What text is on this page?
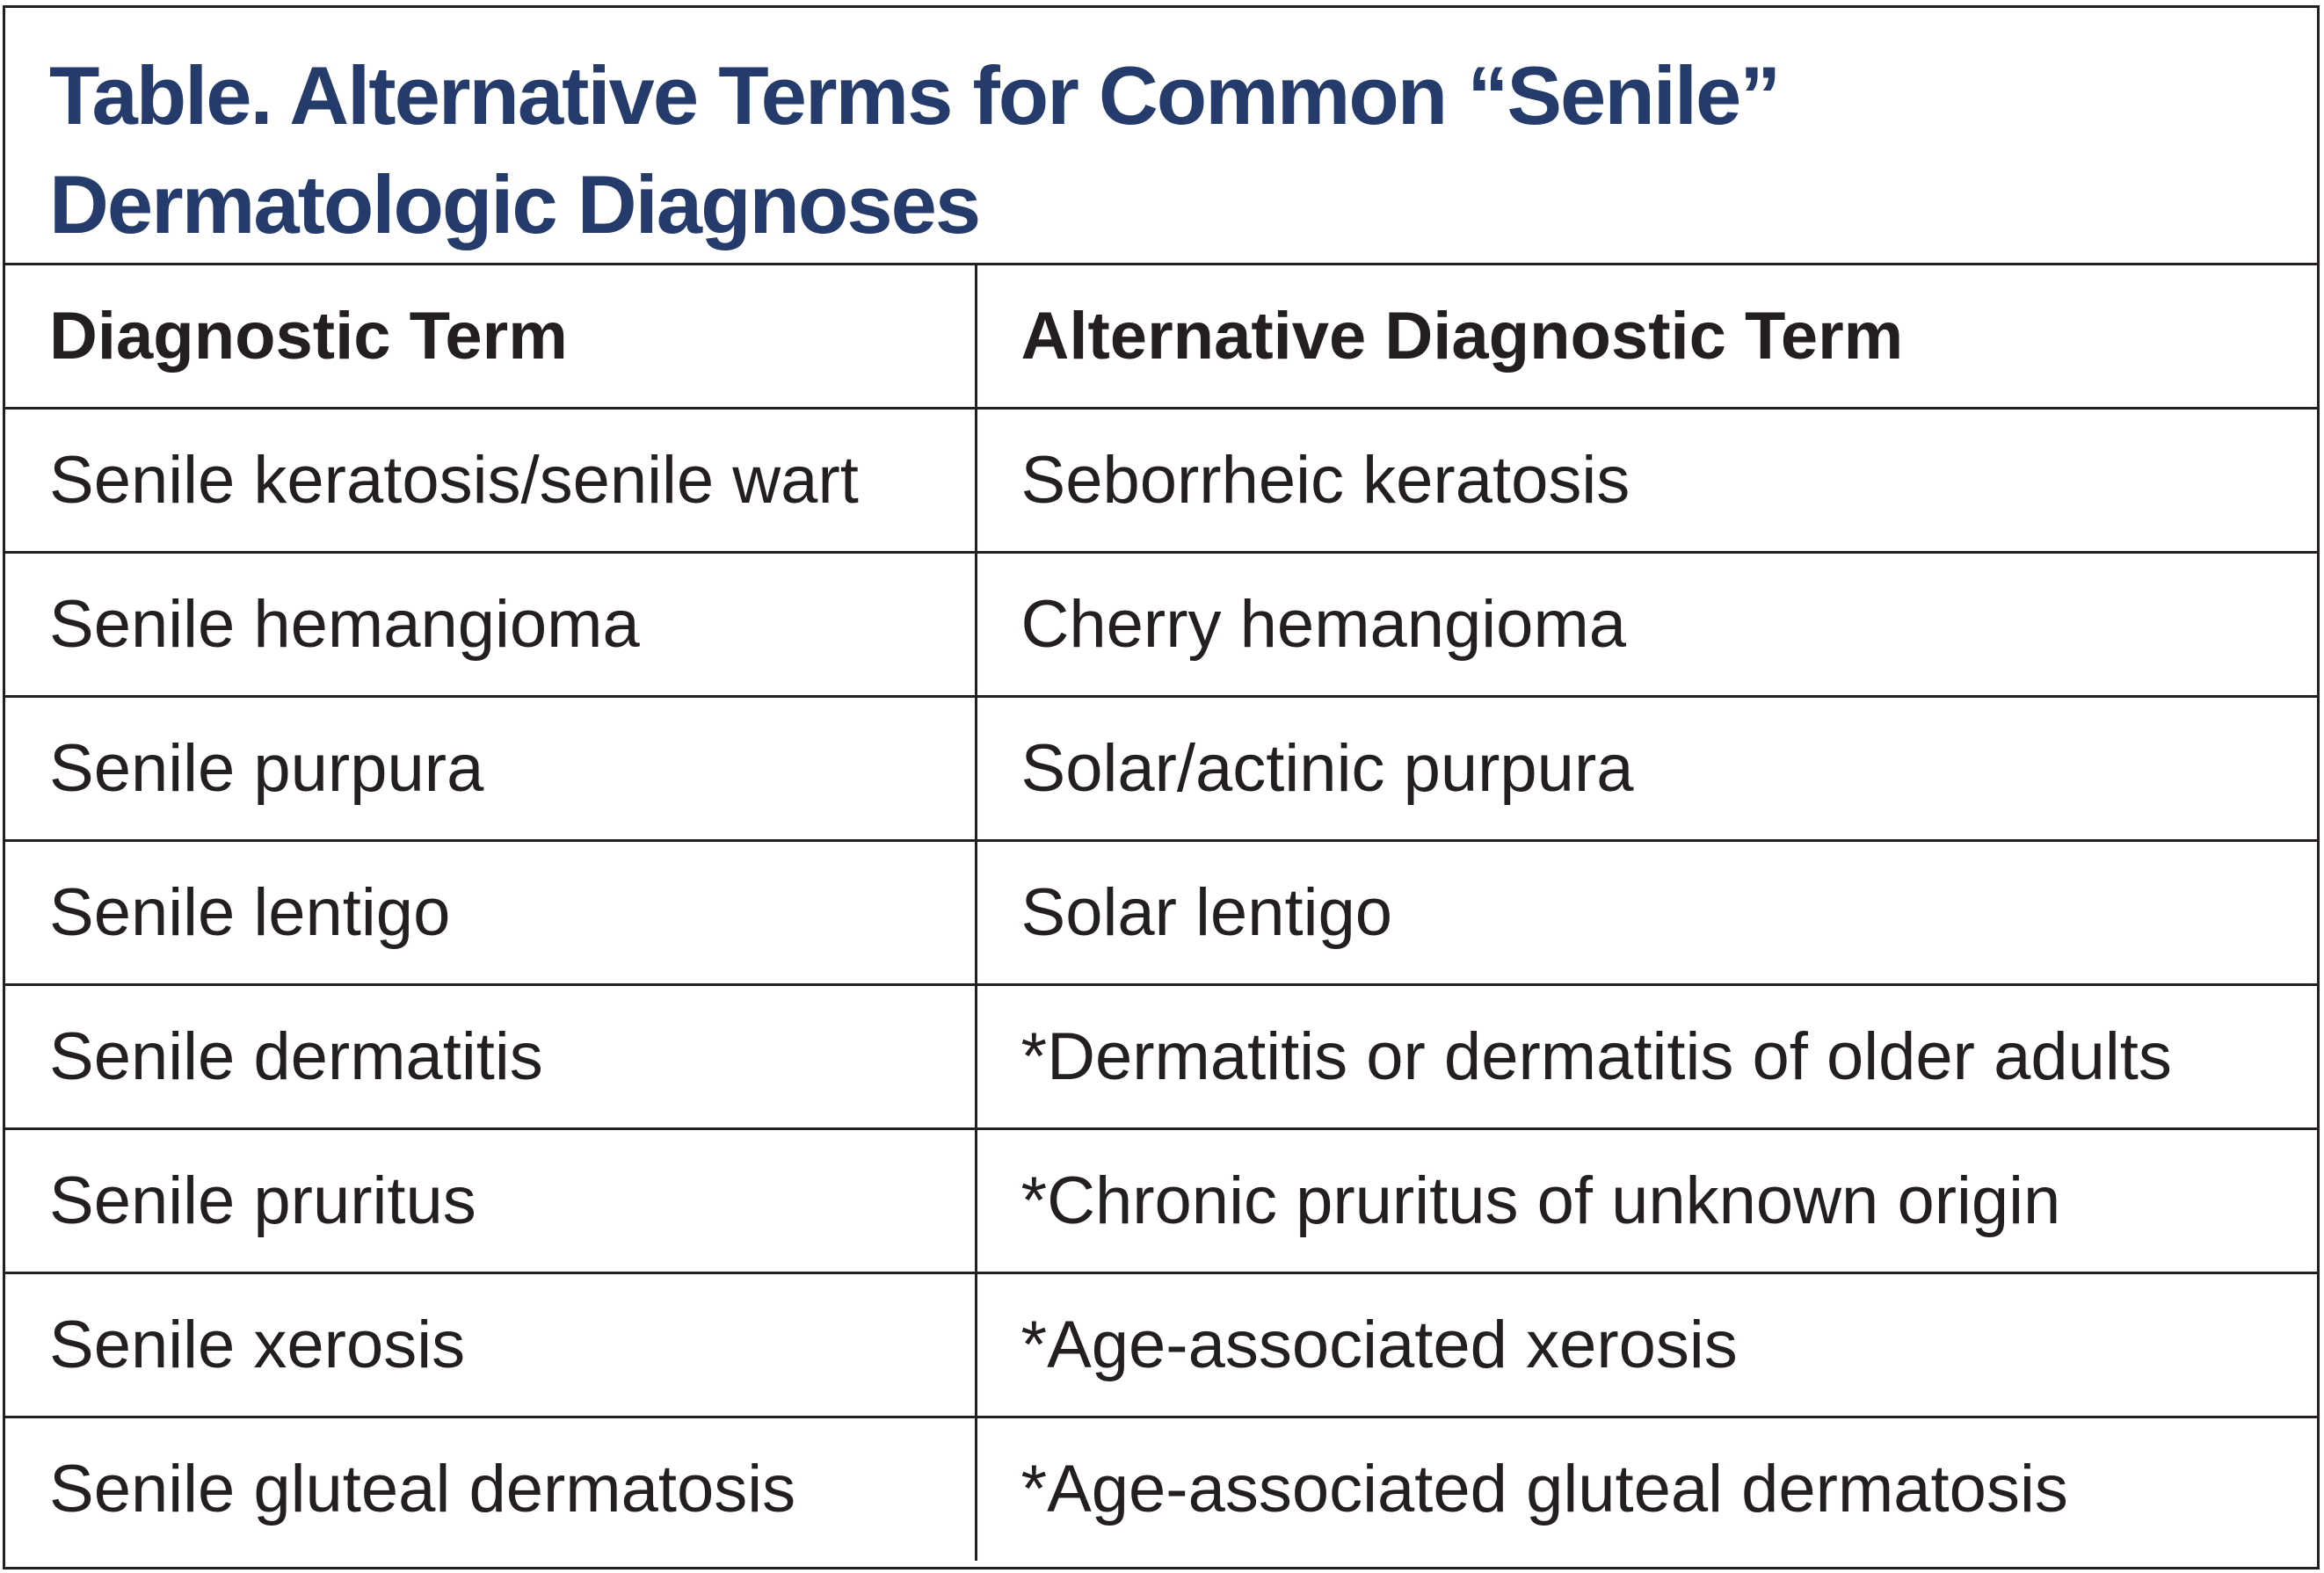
Table. Alternative Terms for Common “Senile”
Dermatologic Diagnoses
Diagnostic Term	Alternative Diagnostic Term
Senile keratosis/senile wart	Seborrheic keratosis
Senile hemangioma	Cherry hemangioma
Senile purpura	Solar/actinic purpura
Senile lentigo	Solar lentigo
Senile dermatitis	*Dermatitis or dermatitis of older adults
Senile pruritus	*Chronic pruritus of unknown origin
Senile xerosis	*Age-associated xerosis
Senile gluteal dermatosis	*Age-associated gluteal dermatosis
